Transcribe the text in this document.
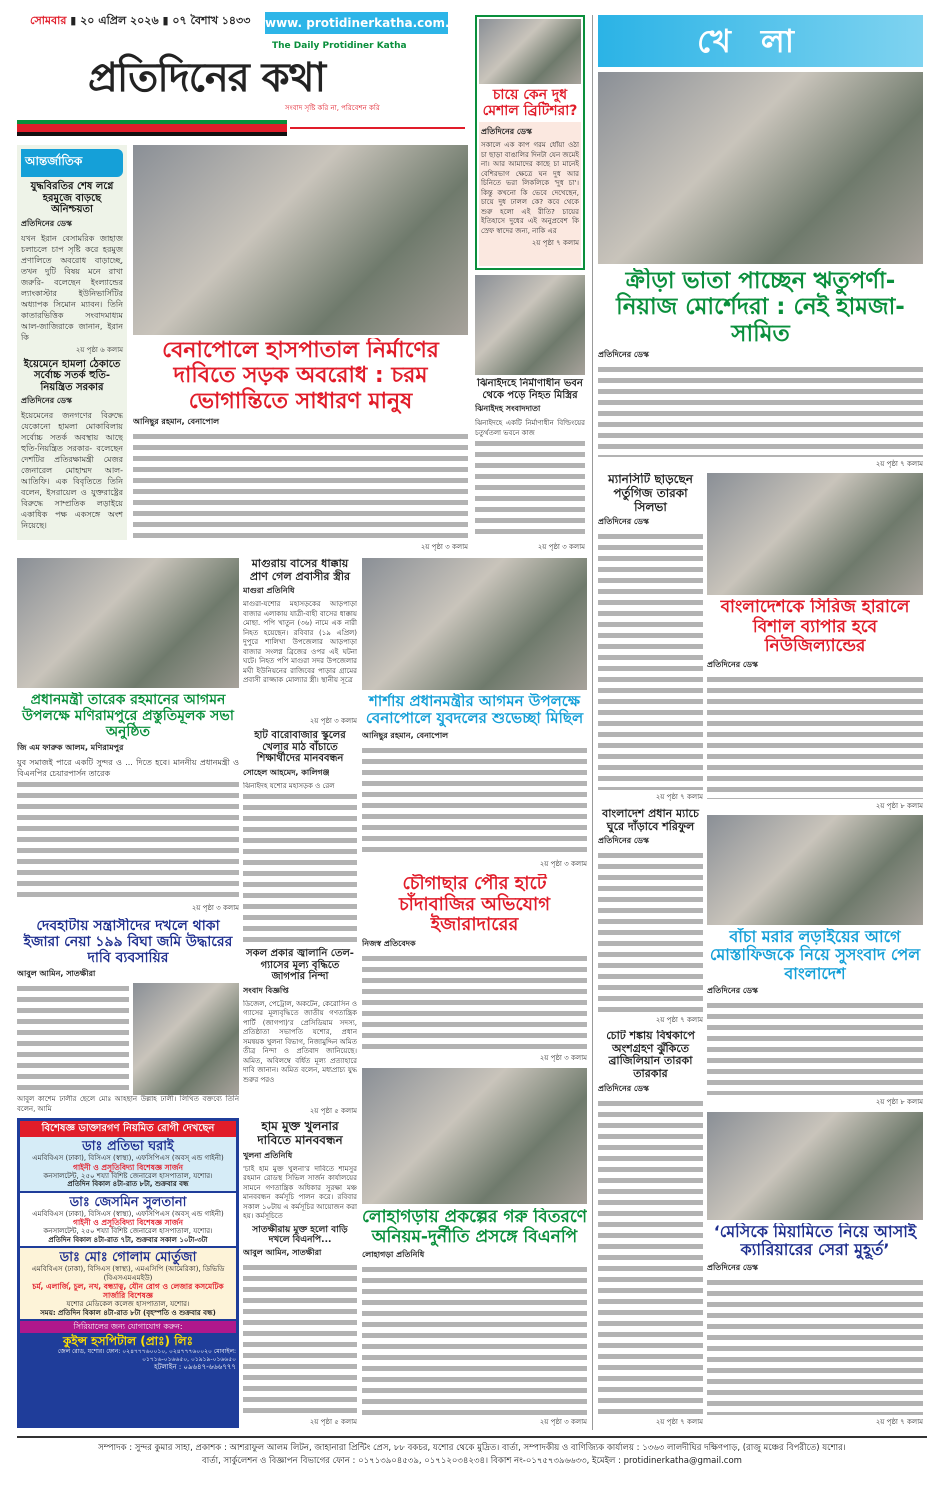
সোমবার ▮ ২০ এপ্রিল ২০২৬ ▮ ০৭ বৈশাখ ১৪৩৩ www. protidinerkatha.com.bd
The Daily Protidiner Katha
প্রতিদিনের কথা
সংবাদ সৃষ্টি করি না, পরিবেশন করি
আন্তর্জাতিক
যুদ্ধবিরতির শেষ লগ্নে হরমুজে বাড়ছে অনিশ্চয়তা
প্রতিদিনের ডেস্ক
যখন ইরান বেসামরিক জাহাজ চলাচলে চাপ সৃষ্টি করে হরমুজ প্রণালিতে অবরোধ বাড়াচ্ছে, তখন দুটি বিষয় মনে রাখা জরুরি- বলেছেন ইংল্যান্ডের ল্যাংকাস্টার ইউনিভার্সিটির অধ্যাপক সিমোন ম্যাবন। তিনি কাতারভিত্তিক সংবাদমাধ্যম আল-জাজিরাকে জানান, ইরান কি
২য় পৃষ্ঠা ৬ কলাম
ইয়েমেনে হামলা ঠেকাতে সর্বোচ্চ সতর্ক হুতি-নিয়ন্ত্রিত সরকার
প্রতিদিনের ডেস্ক
ইয়েমেনের জনগণের বিরুদ্ধে যেকোনো হামলা মোকাবিলায় সর্বোচ্চ সতর্ক অবস্থায় আছে হুতি-নিয়ন্ত্রিত সরকার- বলেছেন দেশটির প্রতিরক্ষামন্ত্রী মেজর জেনারেল মোহাম্মদ আল-আতিফি। এক বিবৃতিতে তিনি বলেন, ইসরায়েল ও যুক্তরাষ্ট্রের বিরুদ্ধে সাম্প্রতিক লড়াইয়ে একাধিক পক্ষ একসঙ্গে অংশ নিয়েছে।
বেনাপোলে হাসপাতাল নির্মাণের দাবিতে সড়ক অবরোধ : চরম ভোগান্তিতে সাধারণ মানুষ
আনিছুর রহমান, বেনাপোল
২য় পৃষ্ঠা ৩ কলাম
চায়ে কেন দুধ মেশাল ব্রিটিশরা?
প্রতিদিনের ডেস্ক
সকালে এক কাপ গরম ধোঁয়া ওঠা চা ছাড়া বাঙালির দিনটা যেন জমেই না। আর আমাদের কাছে চা মানেই বেশিরভাগ ক্ষেত্রে ঘন দুধ আর চিনিতে ভরা লিকলিকে 'দুধ চা'। কিন্তু কখনো কি ভেবে দেখেছেন, চায়ে দুধ ঢালল কে? কবে থেকে শুরু হলো এই রীতি? চায়ের ইতিহাসে দুধের এই অনুপ্রবেশ কি স্রেফ স্বাদের জন্য, নাকি এর
২য় পৃষ্ঠা ৭ কলাম
ঝিনাইদহে নির্মাণাধীন ভবন থেকে পড়ে নিহত মিস্ত্রির
ঝিনাইদহ সংবাদদাতা
ঝিনাইদহে একটি নির্মাণাধীন বিল্ডিংয়ের চতুর্থতলা ভবনে কাজ
২য় পৃষ্ঠা ৩ কলাম
খেলা
ক্রীড়া ভাতা পাচ্ছেন ঋতুপর্ণা-নিয়াজ মোর্শেদরা : নেই হামজা-সামিত
প্রতিদিনের ডেস্ক
২য় পৃষ্ঠা ৭ কলাম
ম্যানসিটি ছাড়ছেন পর্তুগিজ তারকা সিলভা
প্রতিদিনের ডেস্ক
২য় পৃষ্ঠা ৭ কলাম
বাংলাদেশকে সিরিজ হারালে বিশাল ব্যাপার হবে নিউজিল্যান্ডের
প্রতিদিনের ডেস্ক
২য় পৃষ্ঠা ৮ কলাম
বাংলাদেশ প্রধান ম্যাচে ঘুরে দাঁড়াবে শরিফুল
প্রতিদিনের ডেস্ক
২য় পৃষ্ঠা ৭ কলাম
বাঁচা মরার লড়াইয়ের আগে মোস্তাফিজকে নিয়ে সুসংবাদ পেল বাংলাদেশ
প্রতিদিনের ডেস্ক
২য় পৃষ্ঠা ৮ কলাম
চোট শঙ্কায় বিশ্বকাপে অংশগ্রহণ ঝুঁকিতে ব্রাজিলিয়ান তারকা তারকার
প্রতিদিনের ডেস্ক
২য় পৃষ্ঠা ৭ কলাম
‘মেসিকে মিয়ামিতে নিয়ে আসাই ক্যারিয়ারের সেরা মুহূর্ত’
প্রতিদিনের ডেস্ক
২য় পৃষ্ঠা ৭ কলাম
প্রধানমন্ত্রী তারেক রহমানের আগমন উপলক্ষে মণিরামপুরে প্রস্তুতিমূলক সভা অনুষ্ঠিত
জি এম ফারুক আলম, মণিরামপুর
যুব সমাজই পারে একটি সুন্দর ও ... দিতে হবে। মাননীয় প্রধানমন্ত্রী ও বিএনপির চেয়ারপার্সন তারেক
২য় পৃষ্ঠা ৩ কলাম
দেবহাটায় সন্ত্রাসীদের দখলে থাকা ইজারা নেয়া ১৯৯ বিঘা জমি উদ্ধারের দাবি ব্যবসায়ির
আবুল আমিন, সাতক্ষীরা
আবুল কাশেম ঢালীর ছেলে মোঃ আহছান উল্লাহ ঢালী। লিখিত বক্তব্যে তিনি বলেন, আমি
বিশেষজ্ঞ ডাক্তারগণ নিয়মিত রোগী দেখছেন
ডাঃ প্রতিভা ঘরাই

এমবিবিএস (ঢাকা), বিসিএস (স্বাস্থ্য), এফসিপিএস (অবস্ এন্ড গাইনী)

গাইনী ও প্রসূতিবিদ্যা বিশেষজ্ঞ সার্জন

কনসালটেন্ট, ২৫০ শয্যা বিশিষ্ট জেনারেল হাসপাতাল, যশোর।

প্রতিদিন বিকাল ৪টা-রাত ৮টা, শুক্রবার বন্ধ

ডাঃ জেসমিন সুলতানা

এমবিবিএস (ঢাকা), বিসিএস (স্বাস্থ্য), এফসিপিএস (অবস্ এন্ড গাইনী)

গাইনী ও প্রসূতিবিদ্যা বিশেষজ্ঞ সার্জন

কনসালটেন্ট, ২৫০ শয্যা বিশিষ্ট জেনারেল হাসপাতাল, যশোর।

প্রতিদিন বিকাল ৪টা-রাত ৭টা, শুক্রবার সকাল ১০টা-৩টা

ডাঃ মোঃ গোলাম মোর্তুজা

এমবিবিএস (ঢাকা), বিসিএস (স্বাস্থ্য), এমএসিপি (আমেরিকা), ডিভিডি (বিএসএমএমইউ)

চর্ম, এলার্জি, চুল, নখ, বন্ধ্যাত্ব, যৌন রোগ ও লেজার কসমেটিক সার্জারি বিশেষজ্ঞ

যশোর মেডিকেল কলেজ হাসপাতাল, যশোর।

সময়: প্রতিদিন বিকাল ৪টা-রাত ৮টা (বৃহস্পতি ও শুক্রবার বন্ধ)

সিরিয়ালের জন্য যোগাযোগ করুন:
কুইন্স হসপিটাল (প্রাঃ) লিঃ
জেল রোড, যশোর। ফোন: ০২৪৭৭৭৬০০১০, ০২৪৭৭৭৬০০২০ মোবাইল: ০১৭১৬-০১৬৬৫০, ০১৯১৯-০১৬৬৫০
হটলাইন : ০৯৬৪৭-৬৬৬৭৭৭
মাগুরায় বাসের ধাক্কায় প্রাণ গেল প্রবাসীর স্ত্রীর
মাগুরা প্রতিনিধি
মাগুরা-যশোর মহাসড়কের আড়পাড়া বাজার এলাকায় যাত্রী-বাহী বাসের ধাক্কায় মোছা. পপি খাতুন (৩৬) নামে এক নারী নিহত হয়েছেন। রবিবার (১৯ এপ্রিল) দুপুরে শালিখা উপজেলার আড়পাড়া বাজার সংলগ্ন ব্রিজের ওপর এই ঘটনা ঘটে। নিহত পপি মাগুরা সদর উপজেলার মঘী ইউনিয়নের রাজিবের পাড়ার গ্রামের প্রবাসী রাজ্জাক মোল্যার স্ত্রী। স্থানীয় সূত্রে
২য় পৃষ্ঠা ৩ কলাম
হাট বারোবাজার স্কুলের খেলার মাঠ বাঁচাতে শিক্ষার্থীদের মানববন্ধন
সোহেল আহমেদ, কালিগঞ্জ
ঝিনাইদহ যশোর মহাসড়ক ও রেল
সকল প্রকার জ্বালানি তেল-গ্যাসের মূল্য বৃদ্ধিতে জাগপার নিন্দা
সংবাদ বিজ্ঞপ্তি
ডিজেল, পেট্রোল, অকটেন, কেরোসিন ও গ্যাসের মূল্যবৃদ্ধিতে জাতীয় গণতান্ত্রিক পার্টি (জাগপা)'র প্রেসিডিয়াম সদস্য, প্রতিষ্ঠাতা সভাপতি যশোর, প্রধান সমন্বয়ক খুলনা বিভাগ, নিজামুদ্দিন অমিত তীব্র নিন্দা ও প্রতিবাদ জানিয়েছে। অমিত, অবিলম্বে বর্ধিত মূল্য প্রত্যাহারে দাবি জানান। অমিত বলেন, মধ্যপ্রাচ্য যুদ্ধ শুরুর পরও
২য় পৃষ্ঠা ৫ কলাম
হাম মুক্ত খুলনার দাবিতে মানববন্ধন
খুলনা প্রতিনিধি
'চাই হাম মুক্ত খুলনা'র দাবিতে শামসুর রহমান রোডস্থ সিভিল সার্জন কার্যালয়ের সামনে গণতান্ত্রিক অধিকার সুরক্ষা মঞ্চ মানববন্ধন কর্মসূচি পালন করে। রবিবার সকাল ১০টায় এ কর্মসূচির আয়োজন করা হয়। কর্মসূচিতে
সাতক্ষীরায় মুক্ত হলো বাড়ি দখলে বিএনপি...
আবুল আমিন, সাতক্ষীরা
২য় পৃষ্ঠা ৫ কলাম
শার্শায় প্রধানমন্ত্রীর আগমন উপলক্ষে বেনাপোলে যুবদলের শুভেচ্ছা মিছিল
আনিছুর রহমান, বেনাপোল
২য় পৃষ্ঠা ৩ কলাম
চৌগাছার পৌর হাটে চাঁদাবাজির অভিযোগ ইজারাদারের
নিজস্ব প্রতিবেদক
২য় পৃষ্ঠা ৩ কলাম
লোহাগড়ায় প্রকল্পের গরু বিতরণে অনিয়ম-দুর্নীতি প্রসঙ্গে বিএনপি
লোহাগড়া প্রতিনিধি
২য় পৃষ্ঠা ৩ কলাম
সম্পাদক : সুন্দর কুমার সাহা, প্রকাশক : আশরাফুল আলম লিটন, জাহানারা প্রিন্টিং প্রেস, ৮৮ বকচর, যশোর থেকে মুদ্রিত। বার্তা, সম্পাদকীয় ও বাণিজ্যিক কার্যালয় : ১৩৬৩ লালদীঘির দক্ষিণপাড়, (রাজু মঞ্চের বিপরীতে) যশোর।
বার্তা, সার্কুলেশন ও বিজ্ঞাপন বিভাগের ফোন : ০১৭১৩৯০৪৫৩৯, ০১৭১২০৩৪২৩৪। বিকাশ নং-০১৭৫৭৩৯৬৬৩৩, ইমেইল : protidinerkatha@gmail.com
